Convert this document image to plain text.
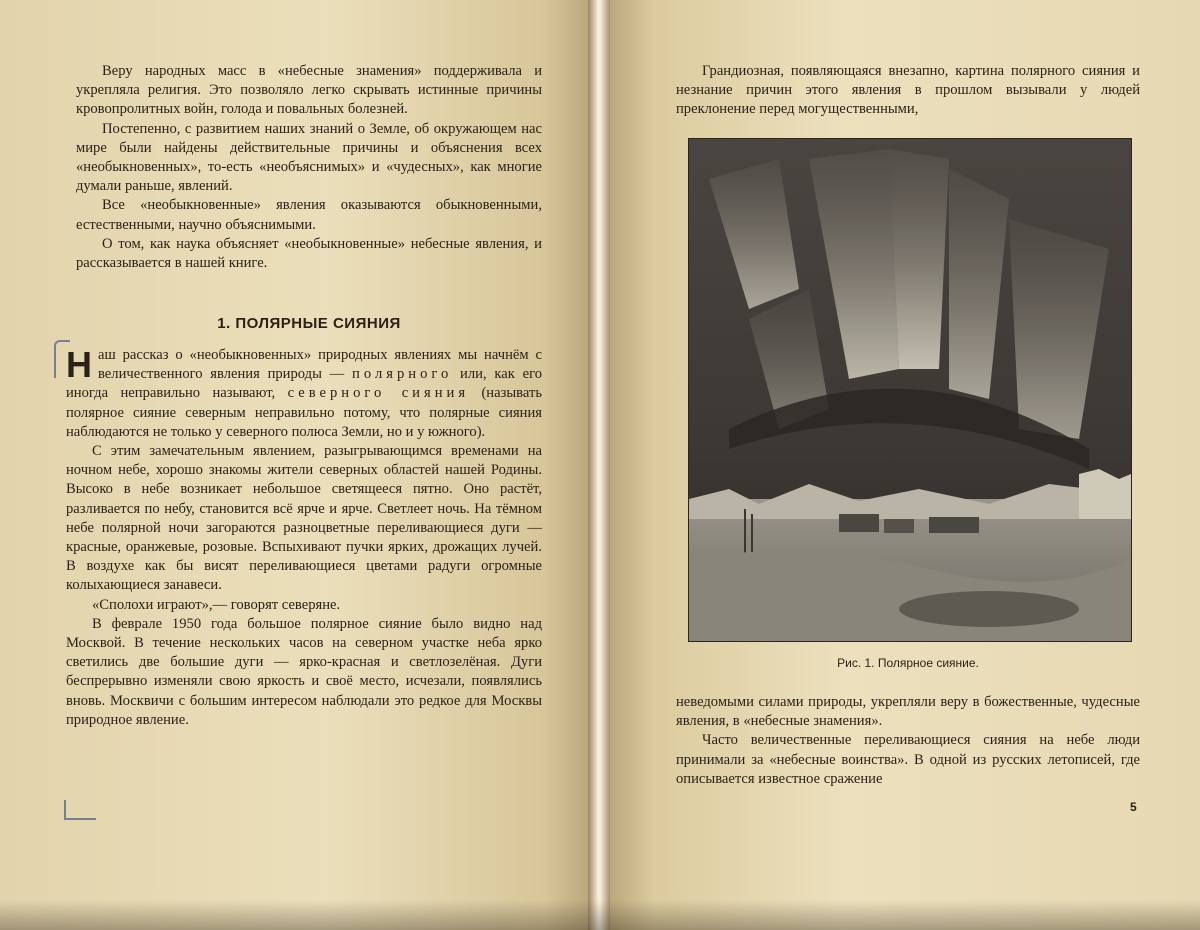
Веру народных масс в «небесные знамения» поддерживала и укрепляла религия. Это позволяло легко скрывать истинные причины кровопролитных войн, голода и повальных болезней.

Постепенно, с развитием наших знаний о Земле, об окружающем нас мире были найдены действительные причины и объяснения всех «необыкновенных», то-есть «необъяснимых» и «чудесных», как многие думали раньше, явлений.

Все «необыкновенные» явления оказываются обыкновенными, естественными, научно объяснимыми.

О том, как наука объясняет «необыкновенные» небесные явления, и рассказывается в нашей книге.

1. ПОЛЯРНЫЕ СИЯНИЯ

Наш рассказ о «необыкновенных» природных явлениях мы начнём с величественного явления природы — полярного или, как его иногда неправильно называют, северного сияния (называть полярное сияние северным неправильно потому, что полярные сияния наблюдаются не только у северного полюса Земли, но и у южного).

С этим замечательным явлением, разыгрывающимся временами на ночном небе, хорошо знакомы жители северных областей нашей Родины. Высоко в небе возникает небольшое светящееся пятно. Оно растёт, разливается по небу, становится всё ярче и ярче. Светлеет ночь. На тёмном небе полярной ночи загораются разноцветные переливающиеся дуги — красные, оранжевые, розовые. Вспыхивают пучки ярких, дрожащих лучей. В воздухе как бы висят переливающиеся цветами радуги огромные колыхающиеся занавеси.

«Сполохи играют»,— говорят северяне.

В феврале 1950 года большое полярное сияние было видно над Москвой. В течение нескольких часов на северном участке неба ярко светились две большие дуги — ярко-красная и светлозелёная. Дуги беспрерывно изменяли свою яркость и своё место, исчезали, появлялись вновь. Москвичи с большим интересом наблюдали это редкое для Москвы природное явление.

Грандиозная, появляющаяся внезапно, картина полярного сияния и незнание причин этого явления в прошлом вызывали у людей преклонение перед могущественными,

Рис. 1. Полярное сияние.

неведомыми силами природы, укрепляли веру в божественные, чудесные явления, в «небесные знамения».

Часто величественные переливающиеся сияния на небе люди принимали за «небесные воинства». В одной из русских летописей, где описывается известное сражение

5
